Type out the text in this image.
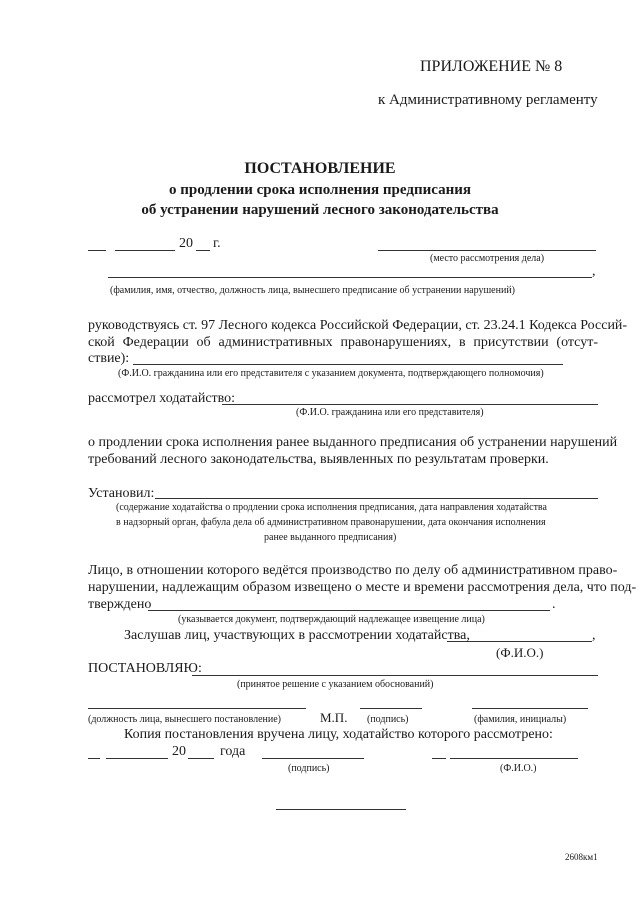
ПРИЛОЖЕНИЕ № 8
к Административному регламенту
ПОСТАНОВЛЕНИЕ
о продлении срока исполнения предписания
об устранении нарушений лесного законодательства
20 г.
(место рассмотрения дела)
,
(фамилия, имя, отчество, должность лица, вынесшего предписание об устранении нарушений)
руководствуясь ст. 97 Лесного кодекса Российской Федерации, ст. 23.24.1 Кодекса Россий-
ской Федерации об административных правонарушениях, в присутствии (отсут-
ствие):
(Ф.И.О. гражданина или его представителя с указанием документа, подтверждающего полномочия)
рассмотрел ходатайство:
(Ф.И.О. гражданина или его представителя)
о продлении срока исполнения ранее выданного предписания об устранении нарушений
требований лесного законодательства, выявленных по результатам проверки.
Установил:
(содержание ходатайства о продлении срока исполнения предписания, дата направления ходатайства
в надзорный орган, фабула дела об административном правонарушении, дата окончания исполнения
ранее выданного предписания)
Лицо, в отношении которого ведётся производство по делу об административном право-
нарушении, надлежащим образом извещено о месте и времени рассмотрения дела, что под-
тверждено	.
(указывается документ, подтверждающий надлежащее извещение лица)
Заслушав лиц, участвующих в рассмотрении ходатайства,	,
(Ф.И.О.)
ПОСТАНОВЛЯЮ:
(принятое решение с указанием обоснований)
(должность лица, вынесшего постановление)	М.П. (подпись)	(фамилия, инициалы)
Копия постановления вручена лицу, ходатайство которого рассмотрено:
20 года
(подпись)	(Ф.И.О.)
2608км1
